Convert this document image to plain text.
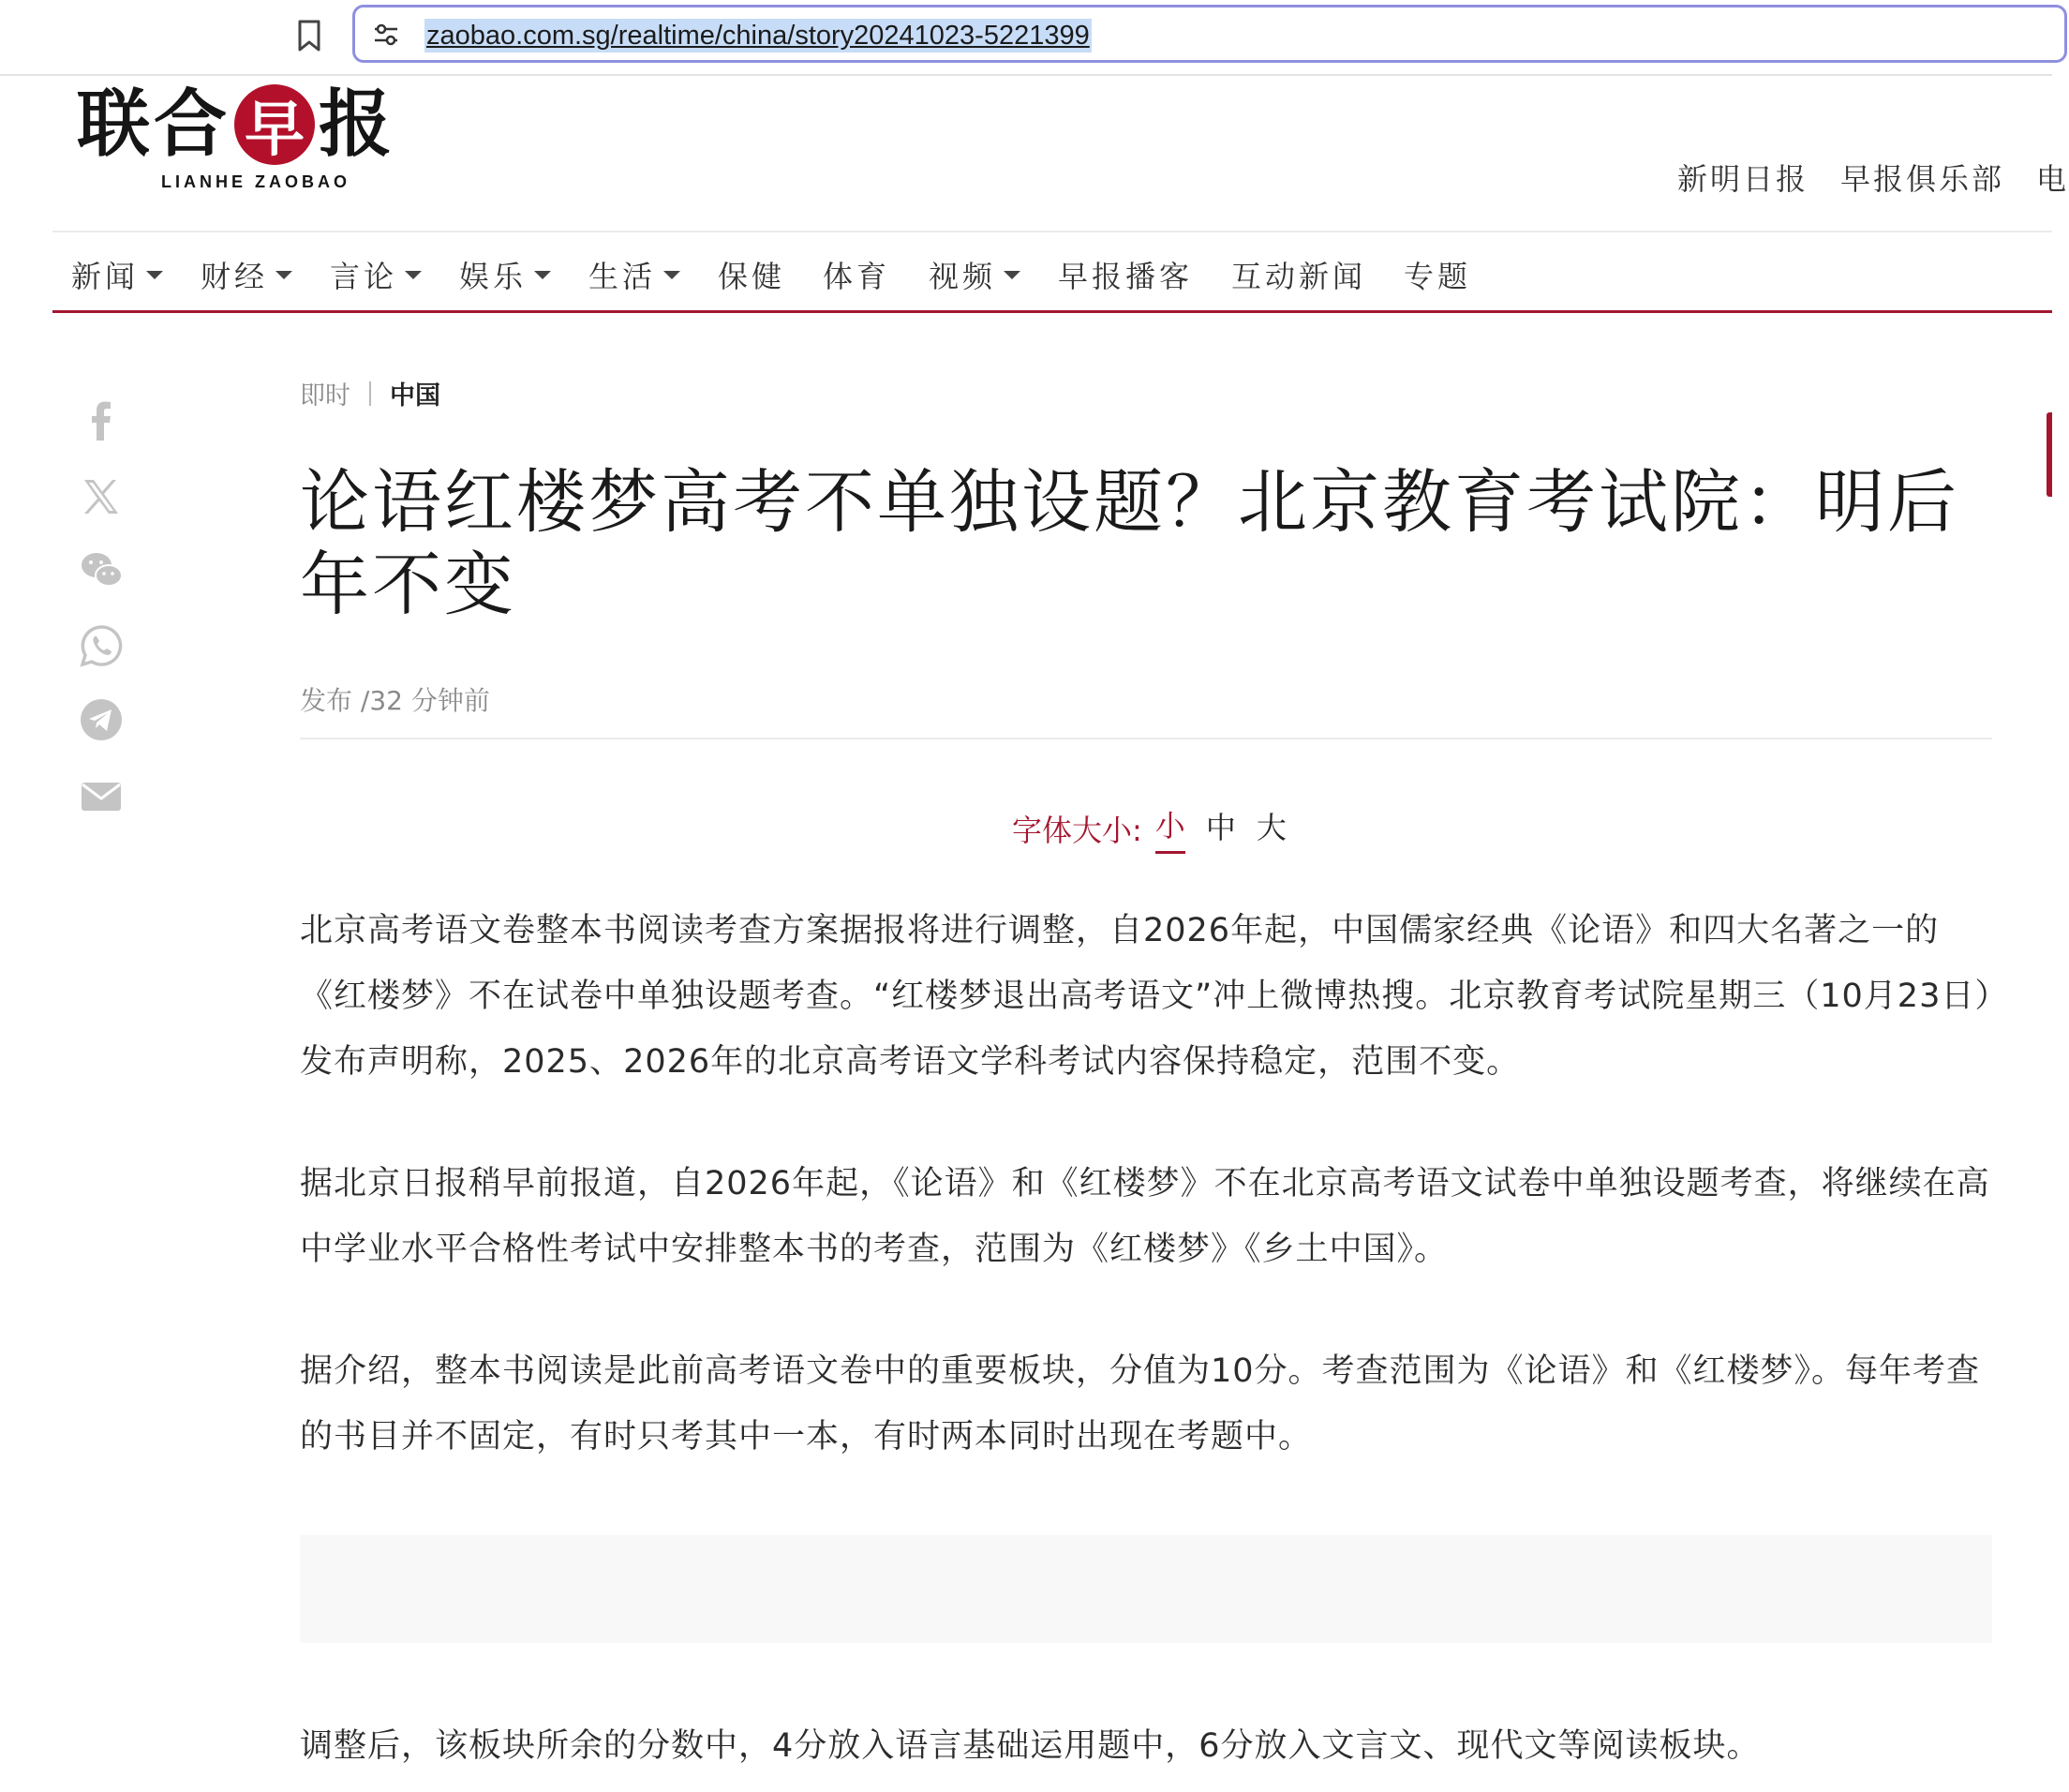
zaobao.com.sg/realtime/china/story20241023-5221399
联 合 早 报
LIANHE ZAOBAO	新明日报 早报俱乐部 电
新闻 财经 言论 娱乐 生活 保健 体育 视频 早报播客 互动新闻 专题
即时 中国
论语红楼梦高考不单独设题？北京教育考试院：明后年不变
发布 /32 分钟前
字体大小: 小 中 大

北京高考语文卷整本书阅读考查方案据报将进行调整，自2026年起，中国儒家经典《论语》和四大名著之一的《红楼梦》不在试卷中单独设题考查。“红楼梦退出高考语文”冲上微博热搜。北京教育考试院星期三（10月23日）发布声明称，2025、2026年的北京高考语文学科考试内容保持稳定，范围不变。

据北京日报稍早前报道，自2026年起，《论语》和《红楼梦》不在北京高考语文试卷中单独设题考查，将继续在高中学业水平合格性考试中安排整本书的考查，范围为《红楼梦》《乡土中国》。

据介绍，整本书阅读是此前高考语文卷中的重要板块，分值为10分。考查范围为《论语》和《红楼梦》。每年考查的书目并不固定，有时只考其中一本，有时两本同时出现在考题中。

调整后，该板块所余的分数中，4分放入语言基础运用题中，6分放入文言文、现代文等阅读板块。
